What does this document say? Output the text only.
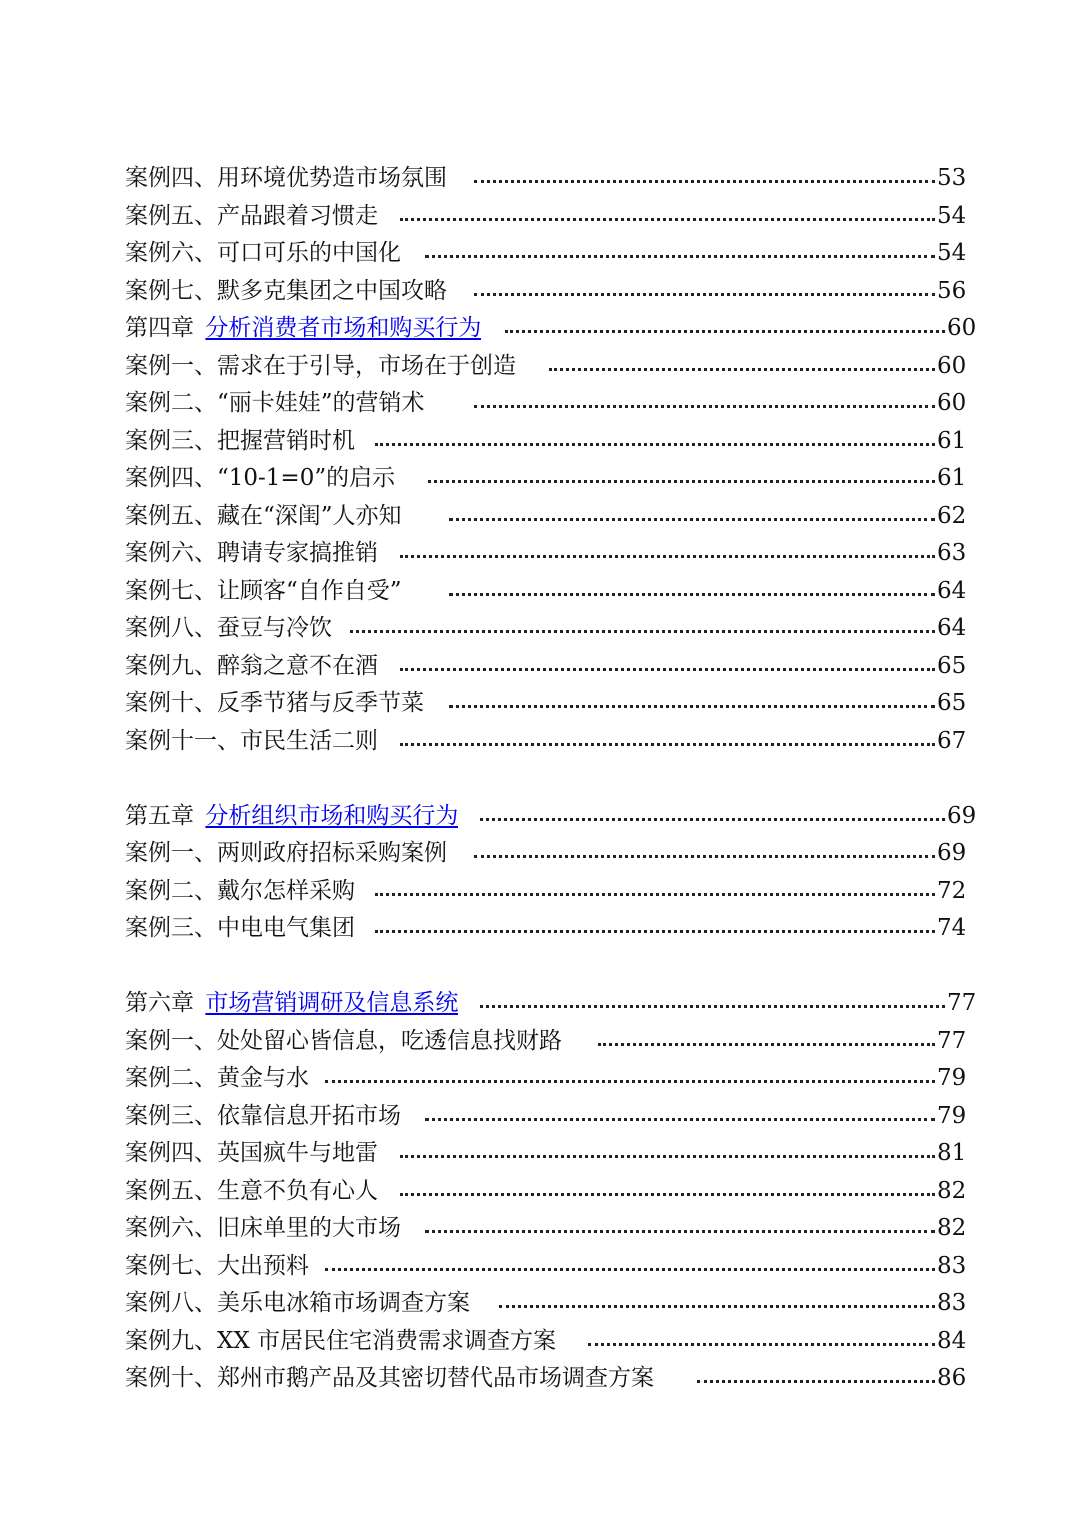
案例四、用环境优势造市场氛围	53
案例五、产品跟着习惯走	54
案例六、可口可乐的中国化	54
案例七、默多克集团之中国攻略	56
第四章 分析消费者市场和购买行为	60
案例一、需求在于引导，市场在于创造	60
案例二、“丽卡娃娃”的营销术	60
案例三、把握营销时机	61
案例四、“10-1=0”的启示	61
案例五、藏在“深闺”人亦知	62
案例六、聘请专家搞推销	63
案例七、让顾客“自作自受”	64
案例八、蚕豆与冷饮	64
案例九、醉翁之意不在酒	65
案例十、反季节猪与反季节菜	65
案例十一、市民生活二则	67
第五章 分析组织市场和购买行为	69
案例一、两则政府招标采购案例	69
案例二、戴尔怎样采购	72
案例三、中电电气集团	74
第六章 市场营销调研及信息系统	77
案例一、处处留心皆信息，吃透信息找财路	77
案例二、黄金与水	79
案例三、依靠信息开拓市场	79
案例四、英国疯牛与地雷	81
案例五、生意不负有心人	82
案例六、旧床单里的大市场	82
案例七、大出预料	83
案例八、美乐电冰箱市场调查方案	83
案例九、XX 市居民住宅消费需求调查方案	84
案例十、郑州市鹅产品及其密切替代品市场调查方案	86
